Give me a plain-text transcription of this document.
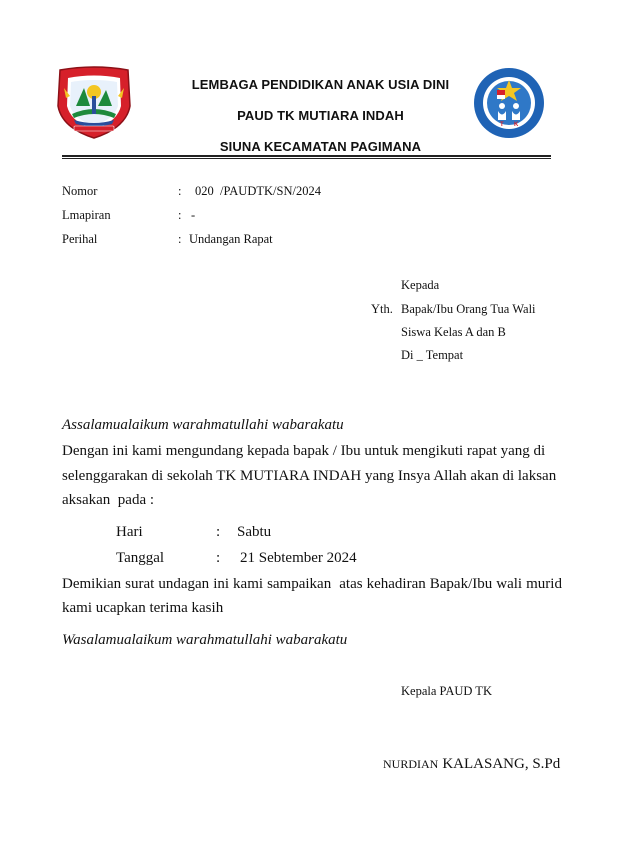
T K
LEMBAGA PENDIDIKAN ANAK USIA DINI
PAUD TK MUTIARA INDAH
SIUNA KECAMATAN PAGIMANA
Nomor	: 020  /PAUDTK/SN/2024
Lmapiran	: -
Perihal	: Undangan Rapat
Kepada
Yth. Bapak/Ibu Orang Tua Wali
Siswa Kelas A dan B
Di _ Tempat
Assalamualaikum warahmatullahi wabarakatu
Dengan ini kami mengundang kepada bapak / Ibu untuk mengikuti rapat yang di
selenggarakan di sekolah TK MUTIARA INDAH yang Insya Allah akan di laksan
aksakan  pada :
Hari	: Sabtu
Tanggal	: 21 Sebtember 2024
Demikian surat undagan ini kami sampaikan  atas kehadiran Bapak/Ibu wali murid
kami ucapkan terima kasih
Wasalamualaikum warahmatullahi wabarakatu
Kepala PAUD TK
NURDIAN KALASANG, S.Pd
